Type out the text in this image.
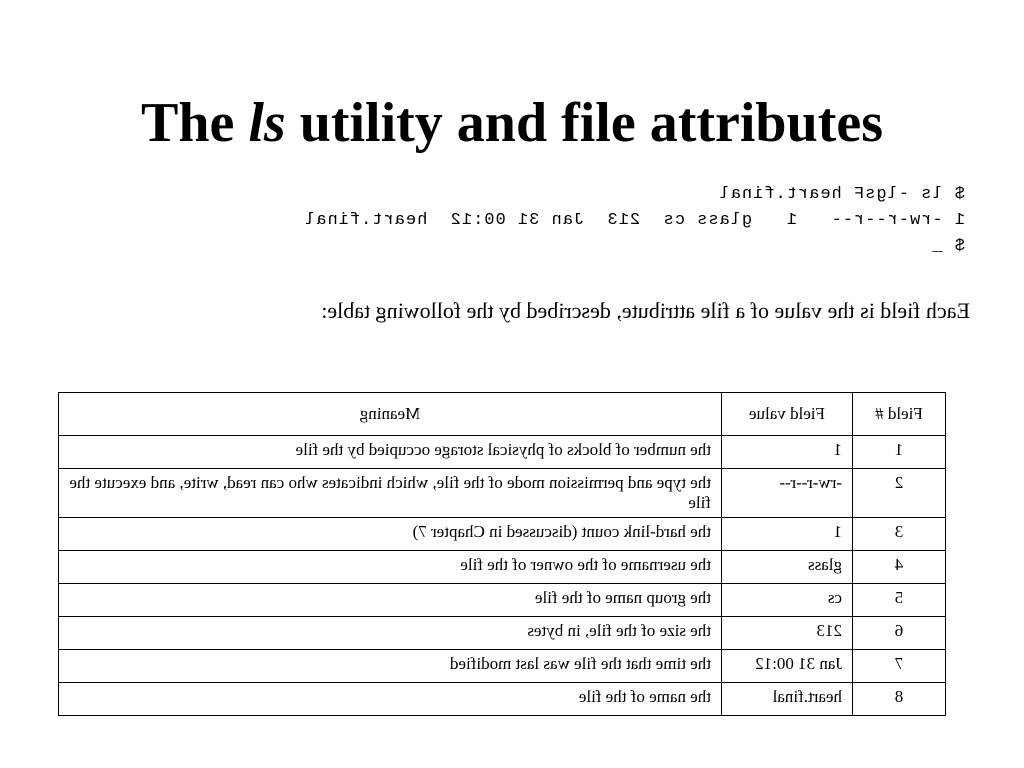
The ls utility and file attributes
$ ls -lgsF heart.final
1 -rw-r--r--   1   glass cs  213  Jan 31 00:12  heart.final
$ _
Each field is the value of a file attribute, described by the following table:
Field #	Field value	Meaning
1	1	the number of blocks of physical storage occupied by the file
2	-rw-r--r--	the type and permission mode of the file, which indicates who can read, write, and execute the file
3	1	the hard-link count (discussed in Chapter 7)
4	glass	the username of the owner of the file
5	cs	the group name of the file
6	213	the size of the file, in bytes
7	Jan 31 00:12	the time that the file was last modified
8	heart.final	the name of the file
